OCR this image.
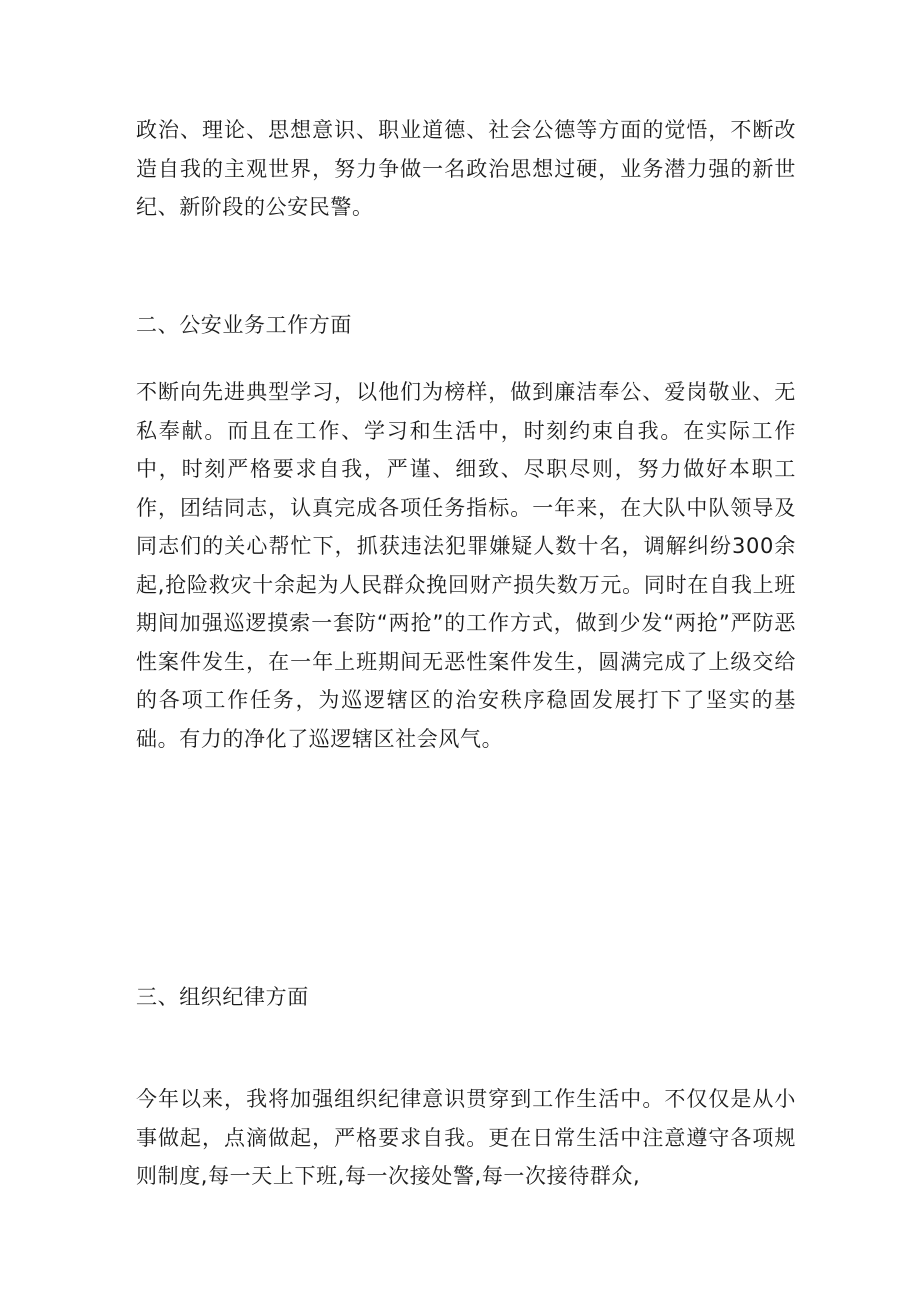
政治、理论、思想意识、职业道德、社会公德等方面的觉悟，不断改造自我的主观世界，努力争做一名政治思想过硬，业务潜力强的新世纪、新阶段的公安民警。

二、公安业务工作方面

不断向先进典型学习，以他们为榜样，做到廉洁奉公、爱岗敬业、无私奉献。而且在工作、学习和生活中，时刻约束自我。在实际工作中，时刻严格要求自我，严谨、细致、尽职尽则，努力做好本职工作，团结同志，认真完成各项任务指标。一年来，在大队中队领导及同志们的关心帮忙下，抓获违法犯罪嫌疑人数十名，调解纠纷300余起,抢险救灾十余起为人民群众挽回财产损失数万元。同时在自我上班期间加强巡逻摸索一套防“两抢”的工作方式，做到少发“两抢”严防恶性案件发生，在一年上班期间无恶性案件发生，圆满完成了上级交给的各项工作任务，为巡逻辖区的治安秩序稳固发展打下了坚实的基础。有力的净化了巡逻辖区社会风气。

三、组织纪律方面

今年以来，我将加强组织纪律意识贯穿到工作生活中。不仅仅是从小事做起，点滴做起，严格要求自我。更在日常生活中注意遵守各项规则制度,每一天上下班,每一次接处警,每一次接待群众,
